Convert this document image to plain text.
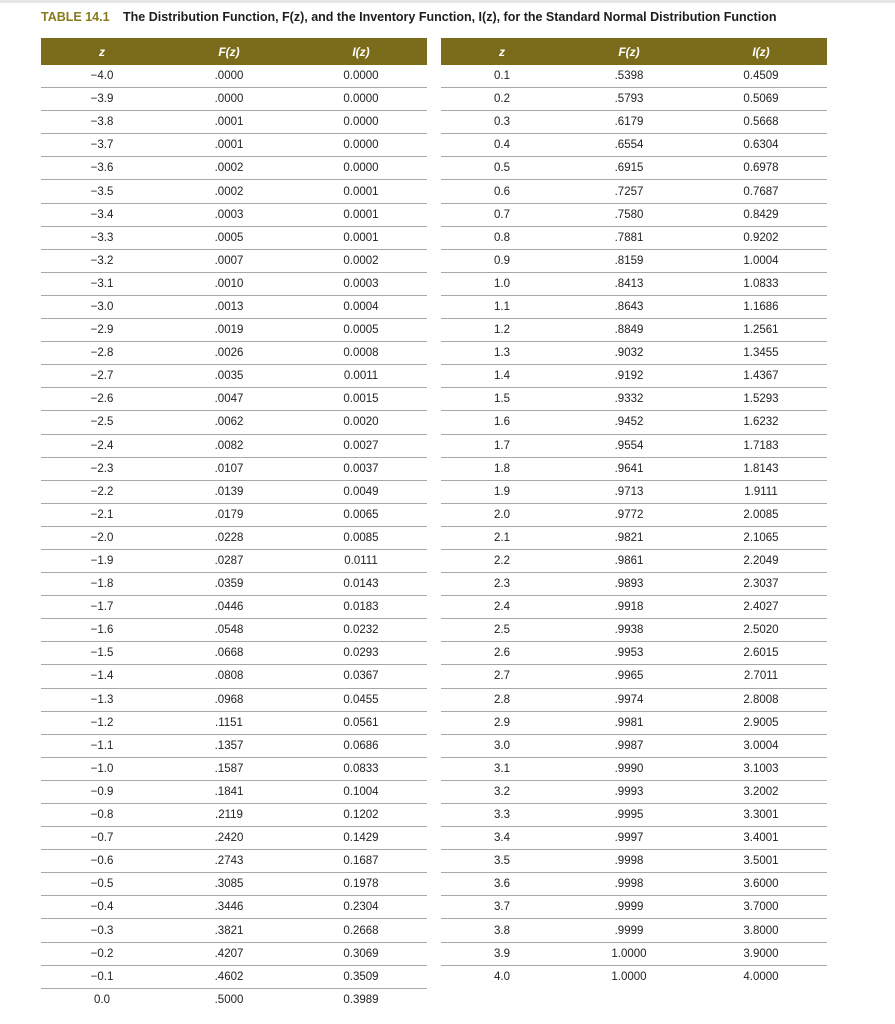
TABLE 14.1 The Distribution Function, F(z), and the Inventory Function, I(z), for the Standard Normal Distribution Function
z	F(z)	I(z)
−4.0	.0000	0.0000
−3.9	.0000	0.0000
−3.8	.0001	0.0000
−3.7	.0001	0.0000
−3.6	.0002	0.0000
−3.5	.0002	0.0001
−3.4	.0003	0.0001
−3.3	.0005	0.0001
−3.2	.0007	0.0002
−3.1	.0010	0.0003
−3.0	.0013	0.0004
−2.9	.0019	0.0005
−2.8	.0026	0.0008
−2.7	.0035	0.0011
−2.6	.0047	0.0015
−2.5	.0062	0.0020
−2.4	.0082	0.0027
−2.3	.0107	0.0037
−2.2	.0139	0.0049
−2.1	.0179	0.0065
−2.0	.0228	0.0085
−1.9	.0287	0.0111
−1.8	.0359	0.0143
−1.7	.0446	0.0183
−1.6	.0548	0.0232
−1.5	.0668	0.0293
−1.4	.0808	0.0367
−1.3	.0968	0.0455
−1.2	.1151	0.0561
−1.1	.1357	0.0686
−1.0	.1587	0.0833
−0.9	.1841	0.1004
−0.8	.2119	0.1202
−0.7	.2420	0.1429
−0.6	.2743	0.1687
−0.5	.3085	0.1978
−0.4	.3446	0.2304
−0.3	.3821	0.2668
−0.2	.4207	0.3069
−0.1	.4602	0.3509
0.0	.5000	0.3989
z	F(z)	I(z)
0.1	.5398	0.4509
0.2	.5793	0.5069
0.3	.6179	0.5668
0.4	.6554	0.6304
0.5	.6915	0.6978
0.6	.7257	0.7687
0.7	.7580	0.8429
0.8	.7881	0.9202
0.9	.8159	1.0004
1.0	.8413	1.0833
1.1	.8643	1.1686
1.2	.8849	1.2561
1.3	.9032	1.3455
1.4	.9192	1.4367
1.5	.9332	1.5293
1.6	.9452	1.6232
1.7	.9554	1.7183
1.8	.9641	1.8143
1.9	.9713	1.9111
2.0	.9772	2.0085
2.1	.9821	2.1065
2.2	.9861	2.2049
2.3	.9893	2.3037
2.4	.9918	2.4027
2.5	.9938	2.5020
2.6	.9953	2.6015
2.7	.9965	2.7011
2.8	.9974	2.8008
2.9	.9981	2.9005
3.0	.9987	3.0004
3.1	.9990	3.1003
3.2	.9993	3.2002
3.3	.9995	3.3001
3.4	.9997	3.4001
3.5	.9998	3.5001
3.6	.9998	3.6000
3.7	.9999	3.7000
3.8	.9999	3.8000
3.9	1.0000	3.9000
4.0	1.0000	4.0000
